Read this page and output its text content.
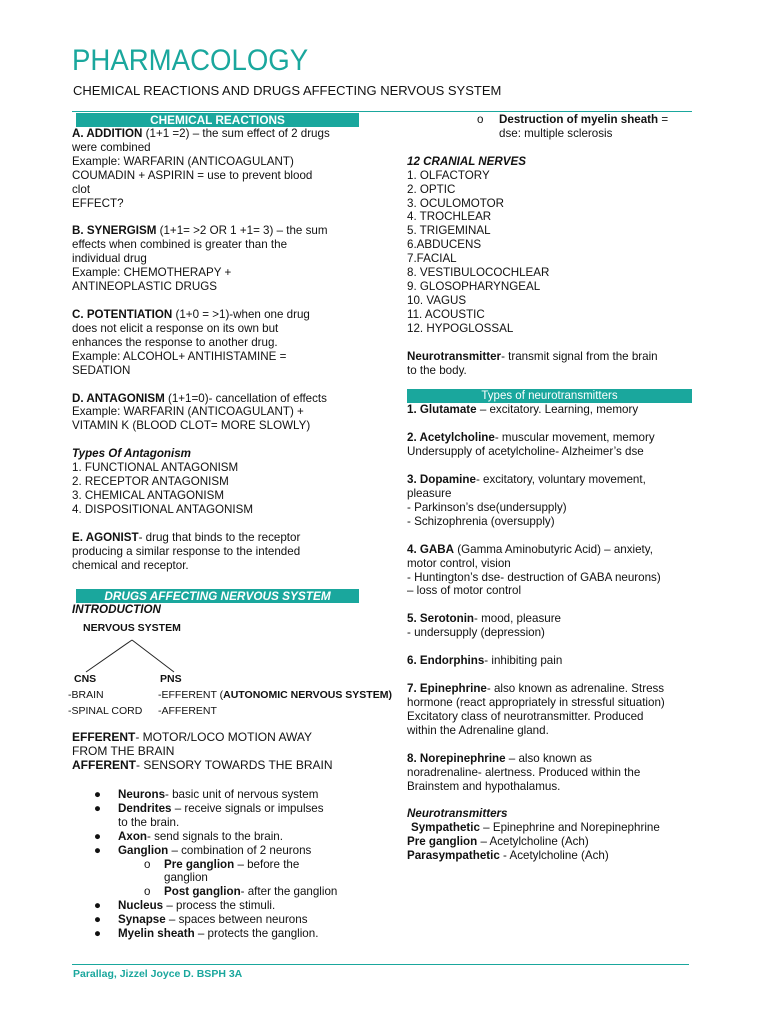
PHARMACOLOGY
CHEMICAL REACTIONS AND DRUGS AFFECTING NERVOUS SYSTEM
CHEMICAL REACTIONS

A. ADDITION (1+1 =2) – the sum effect of 2 drugs

were combined

Example: WARFARIN (ANTICOAGULANT)

COUMADIN + ASPIRIN = use to prevent blood

clot

EFFECT?

B. SYNERGISM (1+1= >2 OR 1 +1= 3) – the sum

effects when combined is greater than the

individual drug

Example: CHEMOTHERAPY +

ANTINEOPLASTIC DRUGS

C. POTENTIATION (1+0 = >1)-when one drug

does not elicit a response on its own but

enhances the response to another drug.

Example: ALCOHOL+ ANTIHISTAMINE =

SEDATION

D. ANTAGONISM (1+1=0)- cancellation of effects

Example: WARFARIN (ANTICOAGULANT) +

VITAMIN K (BLOOD CLOT= MORE SLOWLY)

Types Of Antagonism

1. FUNCTIONAL ANTAGONISM

2. RECEPTOR ANTAGONISM

3. CHEMICAL ANTAGONISM

4. DISPOSITIONAL ANTAGONISM

E. AGONIST- drug that binds to the receptor

producing a similar response to the intended

chemical and receptor.

DRUGS AFFECTING NERVOUS SYSTEM
INTRODUCTION
NERVOUS SYSTEM
CNS	PNS
-BRAIN
-SPINAL CORD
-EFFERENT (AUTONOMIC NERVOUS SYSTEM)
-AFFERENT

EFFERENT- MOTOR/LOCO MOTION AWAY

FROM THE BRAIN

AFFERENT- SENSORY TOWARDS THE BRAIN

● Neurons- basic unit of nervous system
● Dendrites – receive signals or impulses
to the brain.
● Axon- send signals to the brain.
● Ganglion – combination of 2 neurons
o Pre ganglion – before the
ganglion
o Post ganglion- after the ganglion
● Nucleus – process the stimuli.
● Synapse – spaces between neurons
● Myelin sheath – protects the ganglion.
o Destruction of myelin sheath =

dse: multiple sclerosis

12 CRANIAL NERVES

1. OLFACTORY

2. OPTIC

3. OCULOMOTOR

4. TROCHLEAR

5. TRIGEMINAL

6.ABDUCENS

7.FACIAL

8. VESTIBULOCOCHLEAR

9. GLOSOPHARYNGEAL

10. VAGUS

11. ACOUSTIC

12. HYPOGLOSSAL

Neurotransmitter- transmit signal from the brain

to the body.

Types of neurotransmitters

1. Glutamate – excitatory. Learning, memory

2. Acetylcholine- muscular movement, memory

Undersupply of acetylcholine- Alzheimer’s dse

3. Dopamine- excitatory, voluntary movement,

pleasure

- Parkinson’s dse(undersupply)

- Schizophrenia (oversupply)

4. GABA (Gamma Aminobutyric Acid) – anxiety,

motor control, vision

- Huntington’s dse- destruction of GABA neurons)

– loss of motor control

5. Serotonin- mood, pleasure

- undersupply (depression)

6. Endorphins- inhibiting pain

7. Epinephrine- also known as adrenaline. Stress

hormone (react appropriately in stressful situation)

Excitatory class of neurotransmitter. Produced

within the Adrenaline gland.

8. Norepinephrine – also known as

noradrenaline- alertness. Produced within the

Brainstem and hypothalamus.

Neurotransmitters

Sympathetic – Epinephrine and Norepinephrine

Pre ganglion – Acetylcholine (Ach)

Parasympathetic - Acetylcholine (Ach)

Parallag, Jizzel Joyce D. BSPH 3A
